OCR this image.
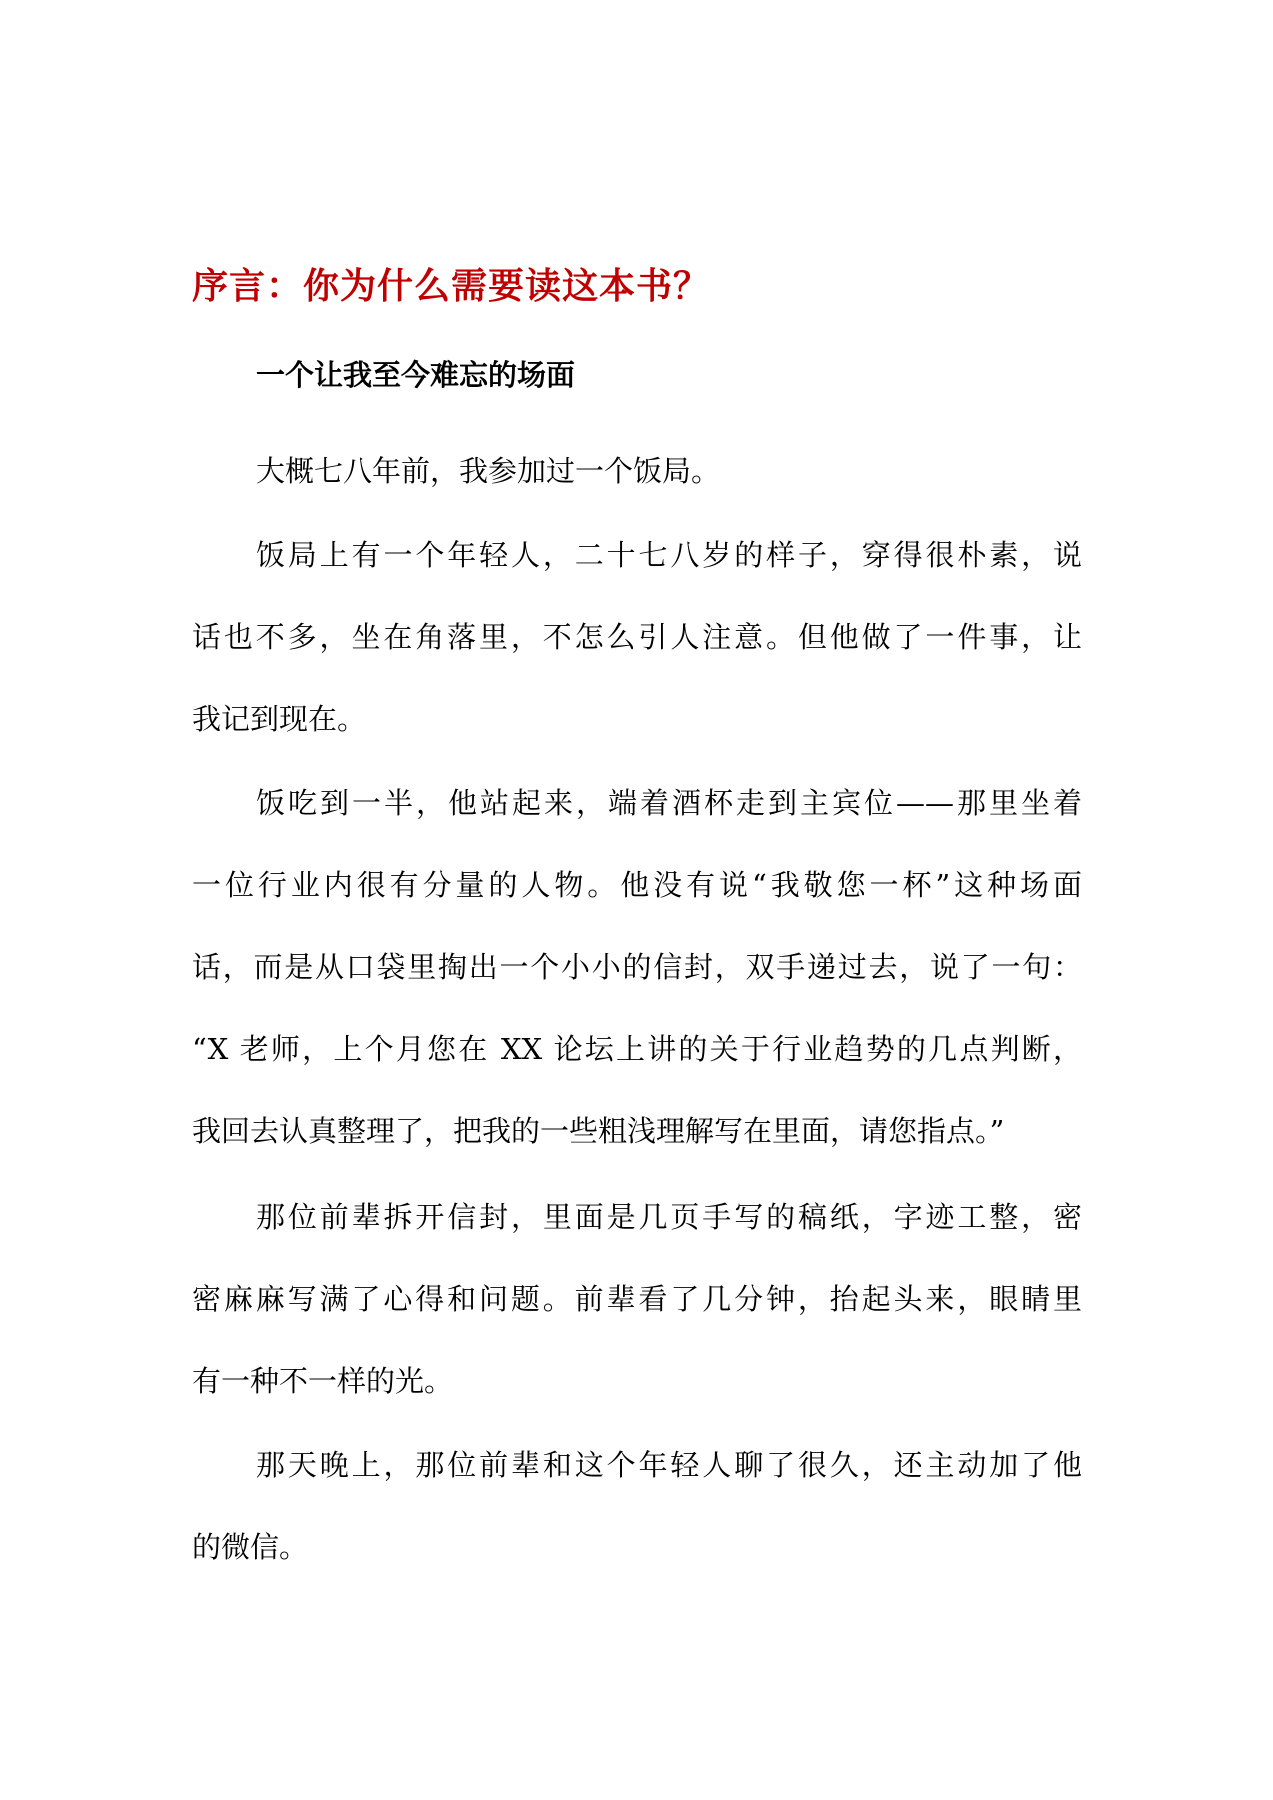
序言：你为什么需要读这本书？
一个让我至今难忘的场面

大概七八年前，我参加过一个饭局。

饭局上有一个年轻人，二十七八岁的样子，穿得很朴素，说
话也不多，坐在角落里，不怎么引人注意。但他做了一件事，让
我记到现在。

饭吃到一半，他站起来，端着酒杯走到主宾位——那里坐着
一位行业内很有分量的人物。他没有说“我敬您一杯”这种场面
话，而是从口袋里掏出一个小小的信封，双手递过去，说了一句：
“X 老师，上个月您在 XX 论坛上讲的关于行业趋势的几点判断，
我回去认真整理了，把我的一些粗浅理解写在里面，请您指点。”

那位前辈拆开信封，里面是几页手写的稿纸，字迹工整，密
密麻麻写满了心得和问题。前辈看了几分钟，抬起头来，眼睛里
有一种不一样的光。

那天晚上，那位前辈和这个年轻人聊了很久，还主动加了他
的微信。
